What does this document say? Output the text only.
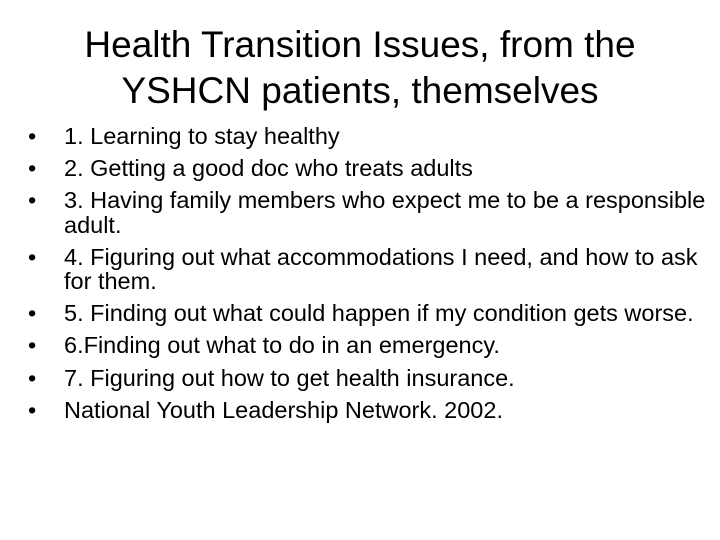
Health Transition Issues, from the
YSHCN patients, themselves
• 1. Learning to stay healthy
• 2. Getting a good doc who treats adults
• 3. Having family members who expect me to be a responsible adult.
• 4. Figuring out what accommodations I need, and how to ask for them.
• 5. Finding out what could happen if my condition gets worse.
• 6.Finding out what to do in an emergency.
• 7. Figuring out how to get health insurance.
• National Youth Leadership Network. 2002.
